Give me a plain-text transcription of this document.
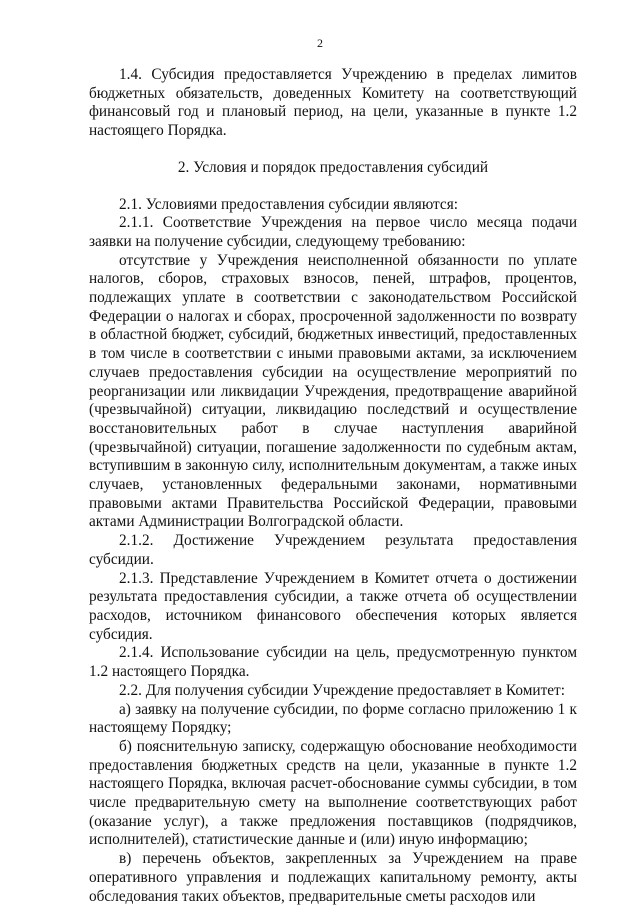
2

1.4. Субсидия предоставляется Учреждению в пределах лимитов бюджетных обязательств, доведенных Комитету на соответствующий финансовый год и плановый период, на цели, указанные в пункте 1.2 настоящего Порядка.

2. Условия и порядок предоставления субсидий

2.1. Условиями предоставления субсидии являются:

2.1.1. Соответствие Учреждения на первое число месяца подачи заявки на получение субсидии, следующему требованию:

отсутствие у Учреждения неисполненной обязанности по уплате налогов, сборов, страховых взносов, пеней, штрафов, процентов, подлежащих уплате в соответствии с законодательством Российской Федерации о налогах и сборах, просроченной задолженности по возврату в областной бюджет, субсидий, бюджетных инвестиций, предоставленных в том числе в соответствии с иными правовыми актами, за исключением случаев предоставления субсидии на осуществление мероприятий по реорганизации или ликвидации Учреждения, предотвращение аварийной (чрезвычайной) ситуации, ликвидацию последствий и осуществление восстановительных работ в случае наступления аварийной (чрезвычайной) ситуации, погашение задолженности по судебным актам, вступившим в законную силу, исполнительным документам, а также иных случаев, установленных федеральными законами, нормативными правовыми актами Правительства Российской Федерации, правовыми актами Администрации Волгоградской области.

2.1.2. Достижение Учреждением результата предоставления субсидии.

2.1.3. Представление Учреждением в Комитет отчета о достижении результата предоставления субсидии, а также отчета об осуществлении расходов, источником финансового обеспечения которых является субсидия.

2.1.4. Использование субсидии на цель, предусмотренную пунктом 1.2 настоящего Порядка.

2.2. Для получения субсидии Учреждение предоставляет в Комитет:

а) заявку на получение субсидии, по форме согласно приложению 1 к настоящему Порядку;

б) пояснительную записку, содержащую обоснование необходимости предоставления бюджетных средств на цели, указанные в пункте 1.2 настоящего Порядка, включая расчет-обоснование суммы субсидии, в том числе предварительную смету на выполнение соответствующих работ (оказание услуг), а также предложения поставщиков (подрядчиков, исполнителей), статистические данные и (или) иную информацию;

в) перечень объектов, закрепленных за Учреждением на праве оперативного управления и подлежащих капитальному ремонту, акты обследования таких объектов, предварительные сметы расходов или
